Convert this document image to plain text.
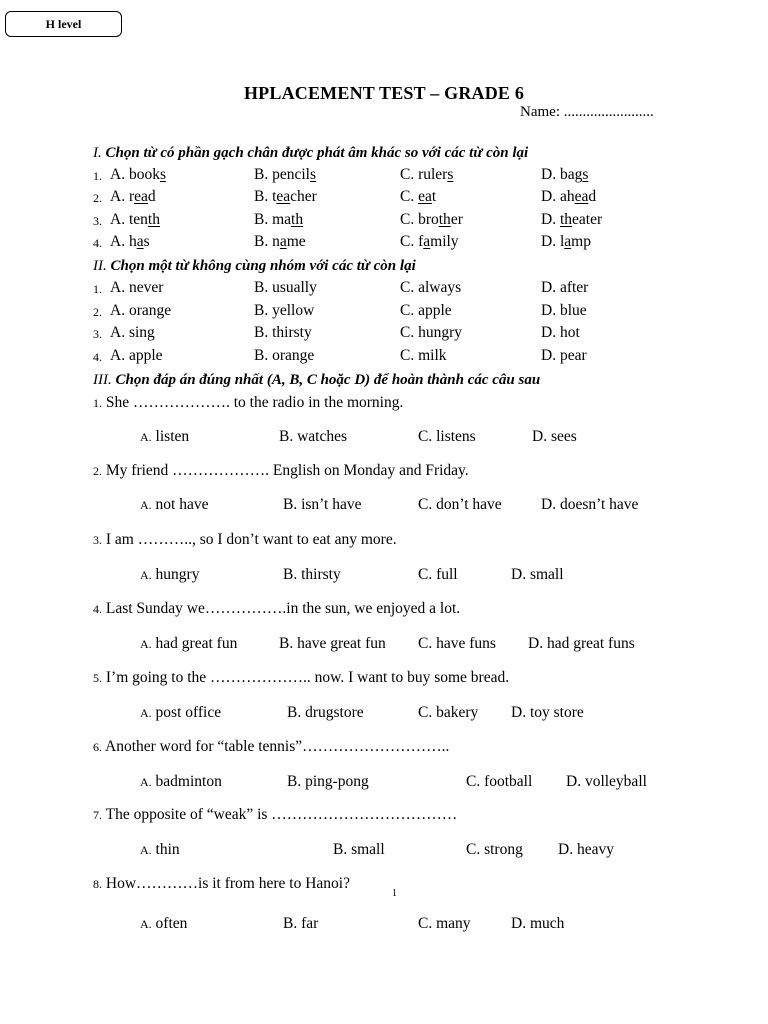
H level
HPLACEMENT TEST – GRADE 6
Name: ........................
I. Chọn từ có phần gạch chân được phát âm khác so với các từ còn lại
1. A. books	B. pencils	C. rulers	D. bags
2. A. read	B. teacher	C. eat	D. ahead
3. A. tenth	B. math	C. brother	D. theater
4. A. has	B. name	C. family	D. lamp
II. Chọn một từ không cùng nhóm với các từ còn lại
1. A. never	B. usually	C. always	D. after
2. A. orange	B. yellow	C. apple	D. blue
3. A. sing	B. thirsty	C. hungry	D. hot
4. A. apple	B. orange	C. milk	D. pear
III. Chọn đáp án đúng nhất (A, B, C hoặc D) để hoàn thành các câu sau
1. She ………………. to the radio in the morning.
A. listen	B. watches	C. listens	D. sees
2. My friend ………………. English on Monday and Friday.
A. not have	B. isn’t have	C. don’t have	D. doesn’t have
3. I am ……….., so I don’t want to eat any more.
A. hungry	B. thirsty	C. full	D. small
4. Last Sunday we…………….in the sun, we enjoyed a lot.
A. had great fun	B. have great fun C. have funs D. had great funs
5. I’m going to the ……………….. now. I want to buy some bread.
A. post office	B. drugstore	C. bakery D. toy store
6. Another word for “table tennis”………………………..
A. badminton	B. ping-pong	C. football D. volleyball
7. The opposite of “weak” is ………………………………
A. thin	B. small	C. strong D. heavy
8. How…………is it from here to Hanoi?
A. often	B. far	C. many	D. much
1
